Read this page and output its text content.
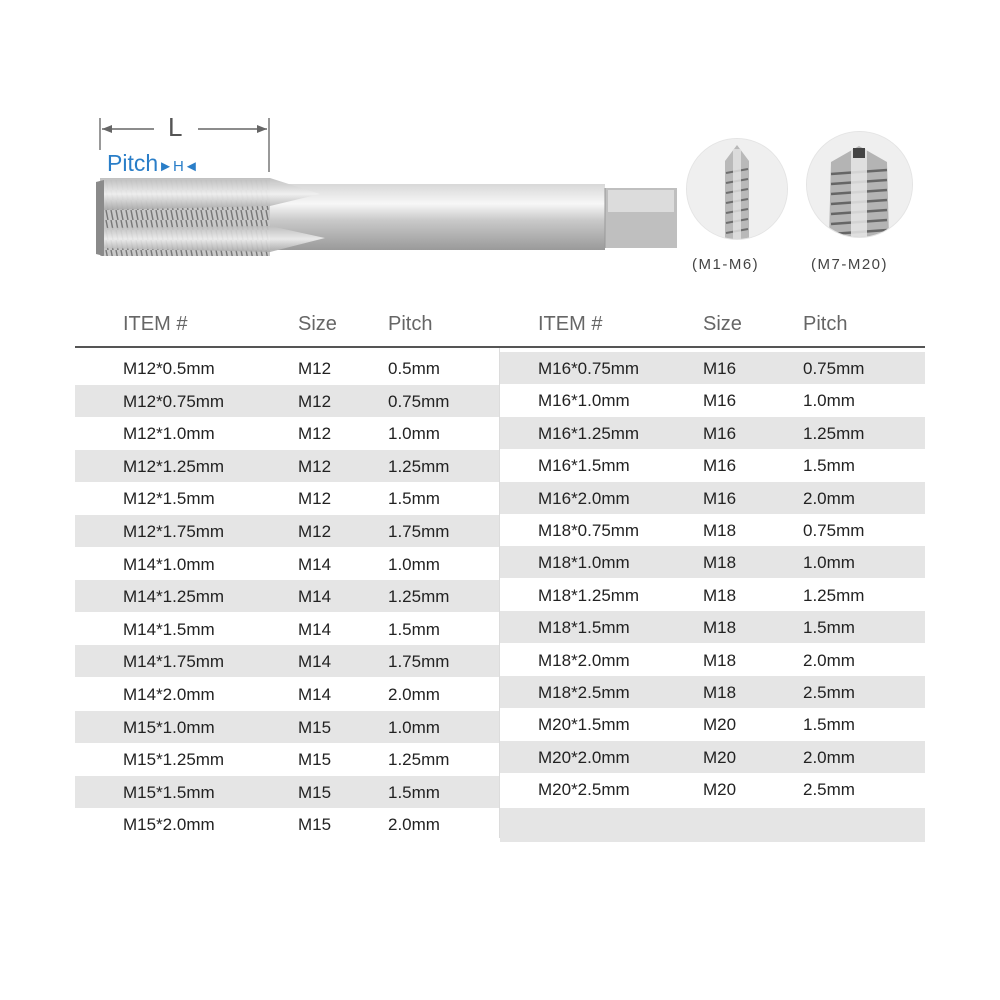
L
Pitch►H◄
(M1-M6)	(M7-M20)
ITEM #	Size	Pitch	ITEM #	Size	Pitch
M12*0.5mm	M12	0.5mm
M12*0.75mm	M12	0.75mm
M12*1.0mm	M12	1.0mm
M12*1.25mm	M12	1.25mm
M12*1.5mm	M12	1.5mm
M12*1.75mm	M12	1.75mm
M14*1.0mm	M14	1.0mm
M14*1.25mm	M14	1.25mm
M14*1.5mm	M14	1.5mm
M14*1.75mm	M14	1.75mm
M14*2.0mm	M14	2.0mm
M15*1.0mm	M15	1.0mm
M15*1.25mm	M15	1.25mm
M15*1.5mm	M15	1.5mm
M15*2.0mm	M15	2.0mm
M16*0.75mm	M16	0.75mm
M16*1.0mm	M16	1.0mm
M16*1.25mm	M16	1.25mm
M16*1.5mm	M16	1.5mm
M16*2.0mm	M16	2.0mm
M18*0.75mm	M18	0.75mm
M18*1.0mm	M18	1.0mm
M18*1.25mm	M18	1.25mm
M18*1.5mm	M18	1.5mm
M18*2.0mm	M18	2.0mm
M18*2.5mm	M18	2.5mm
M20*1.5mm	M20	1.5mm
M20*2.0mm	M20	2.0mm
M20*2.5mm	M20	2.5mm
